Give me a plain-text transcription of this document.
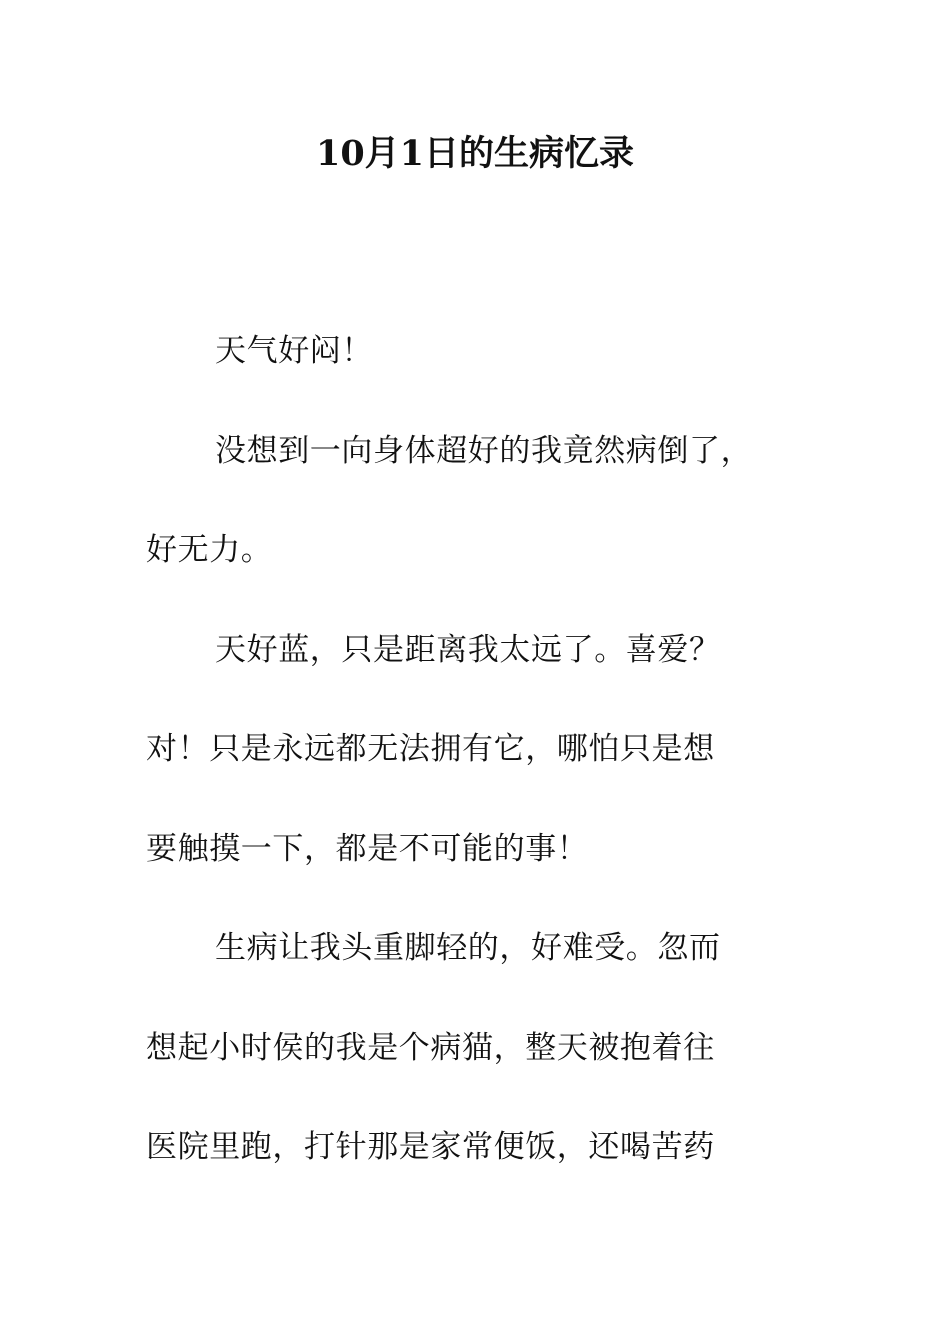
10月1日的生病忆录
天气好闷！
没想到一向身体超好的我竟然病倒了，
好无力。
天好蓝，只是距离我太远了。喜爱？
对！只是永远都无法拥有它，哪怕只是想
要触摸一下，都是不可能的事！
生病让我头重脚轻的，好难受。忽而
想起小时侯的我是个病猫，整天被抱着往
医院里跑，打针那是家常便饭，还喝苦药
